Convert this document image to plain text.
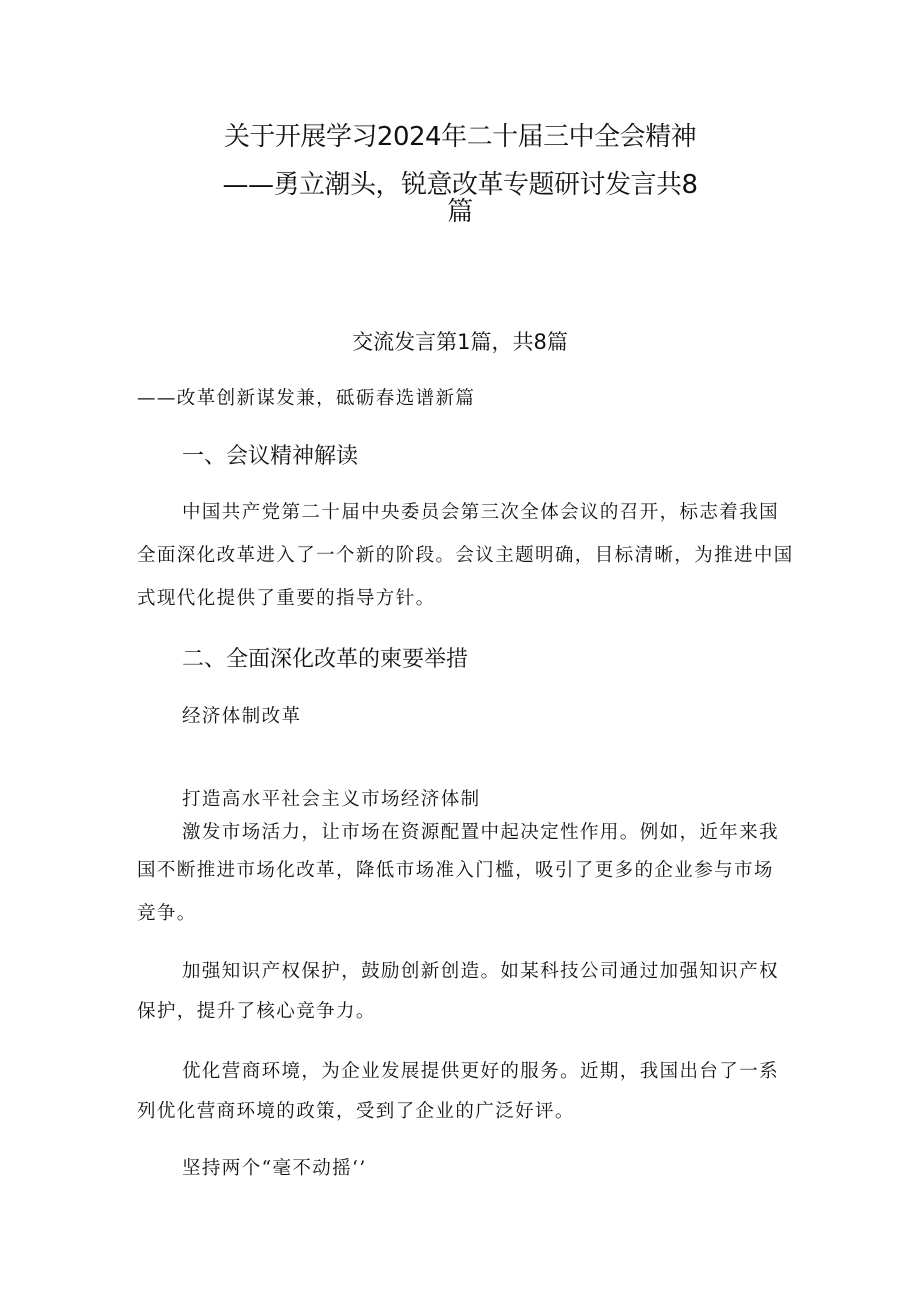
关于开展学习2024年二十届三中全会精神
——勇立潮头，锐意改革专题研讨发言共8
篇
交流发言第1篇，共8篇
——改革创新谋发兼，砥砺春选谱新篇
一、会议精神解读
中国共产党第二十届中央委员会第三次全体会议的召开，标志着我国
全面深化改革进入了一个新的阶段。会议主题明确，目标清晰，为推进中国
式现代化提供了重要的指导方针。
二、全面深化改革的柬要举措
经济体制改革
打造高水平社会主义市场经济体制
激发市场活力，让市场在资源配置中起决定性作用。例如，近年来我
国不断推进市场化改革，降低市场准入门槛，吸引了更多的企业参与市场
竞争。
加强知识产权保护，鼓励创新创造。如某科技公司通过加强知识产权
保护，提升了核心竞争力。
优化营商环境，为企业发展提供更好的服务。近期，我国出台了一系
列优化营商环境的政策，受到了企业的广泛好评。
坚持两个“毫不动摇‘’
